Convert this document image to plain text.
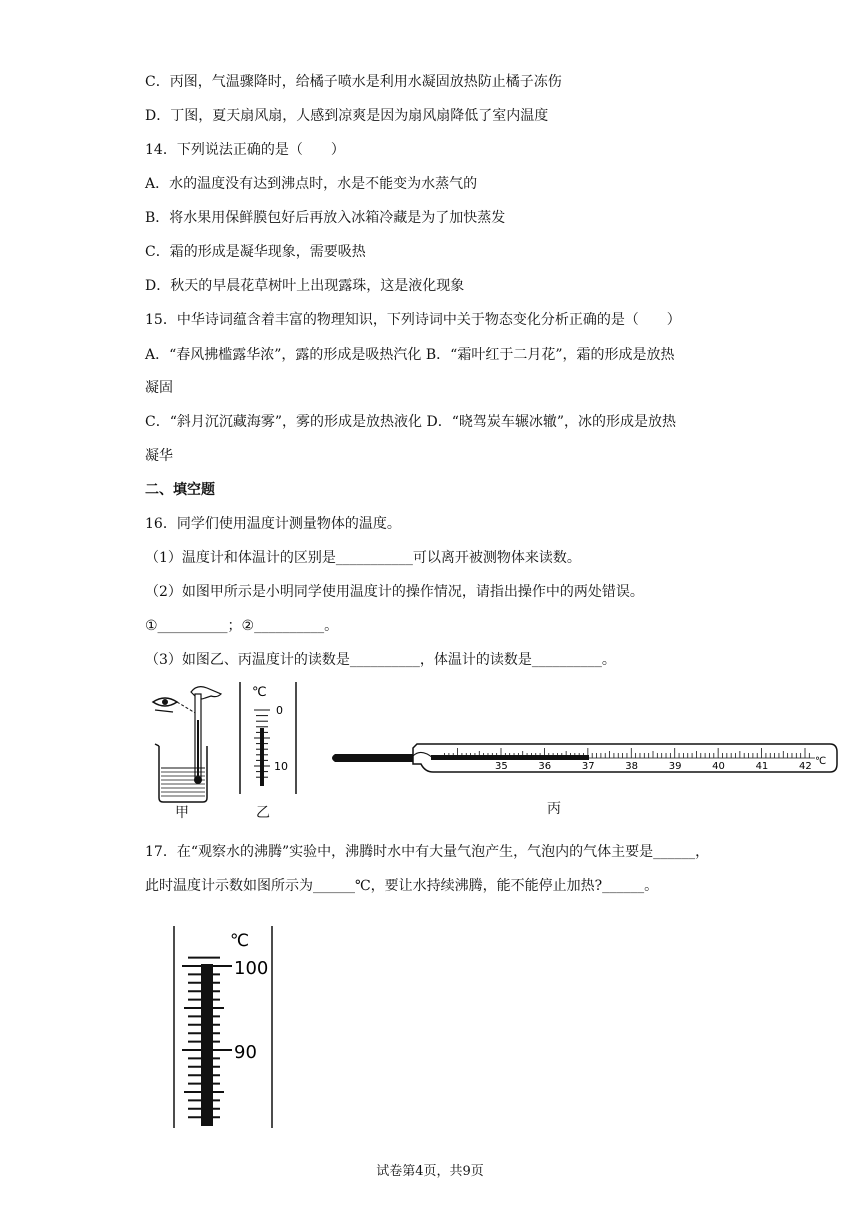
C．丙图，气温骤降时，给橘子喷水是利用水凝固放热防止橘子冻伤
D．丁图，夏天扇风扇，人感到凉爽是因为扇风扇降低了室内温度
14．下列说法正确的是（　　）
A．水的温度没有达到沸点时，水是不能变为水蒸气的
B．将水果用保鲜膜包好后再放入冰箱冷藏是为了加快蒸发
C．霜的形成是凝华现象，需要吸热
D．秋天的早晨花草树叶上出现露珠，这是液化现象
15．中华诗词蕴含着丰富的物理知识，下列诗词中关于物态变化分析正确的是（　　）
A．“春风拂槛露华浓”，露的形成是吸热汽化 B．“霜叶红于二月花”，霜的形成是放热
凝固
C．“斜月沉沉藏海雾”，雾的形成是放热液化 D．“晓驾炭车辗冰辙”，冰的形成是放热
凝华
二、填空题
16．同学们使用温度计测量物体的温度。
（1）温度计和体温计的区别是___________可以离开被测物体来读数。
（2）如图甲所示是小明同学使用温度计的操作情况，请指出操作中的两处错误。
①__________；②__________。
（3）如图乙、丙温度计的读数是__________，体温计的读数是__________。
甲
℃
0
10
乙
35	36	37	38	39	40	41	42 ℃
丙
17．在“观察水的沸腾”实验中，沸腾时水中有大量气泡产生，气泡内的气体主要是______，
此时温度计示数如图所示为______℃，要让水持续沸腾，能不能停止加热?______。
℃
100
90
试卷第4页，共9页
